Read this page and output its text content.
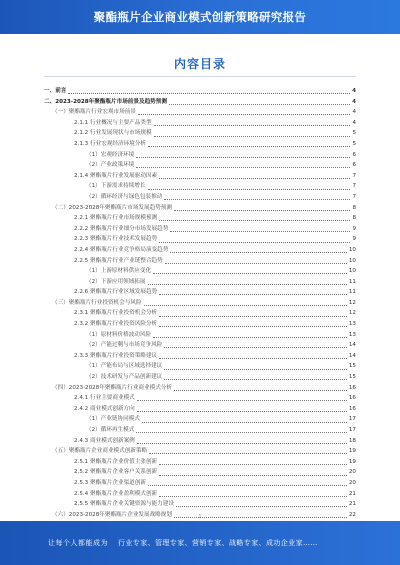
聚酯瓶片企业商业模式创新策略研究报告
内容目录
一、前言	4
二、2023-2028年聚酯瓶片市场前景及趋势预测	4
（一）聚酯瓶片行业宏观市场前景	4
2.1.1 行业概况与主要产品类型	4
2.1.2 行业发展现状与市场规模	5
2.1.3 行业宏观经济环境分析	5
（1）宏观经济环境	6
（2）产业政策环境	6
2.1.4 聚酯瓶片行业发展驱动因素	7
（1）下游需求持续增长	7
（2）循环经济与绿色包装推动	7
（二）2023-2028年聚酯瓶片市场发展趋势预测	8
2.2.1 聚酯瓶片行业市场规模预测	8
2.2.2 聚酯瓶片行业细分市场发展趋势	9
2.2.3 聚酯瓶片行业技术发展趋势	9
2.2.4 聚酯瓶片行业竞争格局演变趋势	10
2.2.5 聚酯瓶片行业产业链整合趋势	10
（1）上游原材料供应变化	10
（2）下游应用领域拓展	11
2.2.6 聚酯瓶片行业区域发展趋势	11
（三）聚酯瓶片行业投资机会与风险	12
2.3.1 聚酯瓶片行业投资机会分析	12
2.3.2 聚酯瓶片行业投资风险分析	13
（1）原材料价格波动风险	13
（2）产能过剩与市场竞争风险	14
2.3.3 聚酯瓶片行业投资策略建议	14
（1）产能布局与区域选择建议	15
（2）技术研发与产品创新建议	15
（四）2023-2028年聚酯瓶片行业商业模式分析	16
2.4.1 行业主要商业模式	16
2.4.2 商业模式创新方向	16
（1）产业链协同模式	17
（2）循环再生模式	17
2.4.3 商业模式创新案例	18
（五）聚酯瓶片企业商业模式创新策略	19
2.5.1 聚酯瓶片企业价值主张创新	19
2.5.2 聚酯瓶片企业客户关系创新	20
2.5.3 聚酯瓶片企业渠道创新	20
2.5.4 聚酯瓶片企业盈利模式创新	21
2.5.5 聚酯瓶片企业关键资源与能力建设	21
（六）2023-2028年聚酯瓶片企业发展战略规划	22
1
让每个人都能成为 行业专家、管理专家、营销专家、战略专家、成功企业家……
